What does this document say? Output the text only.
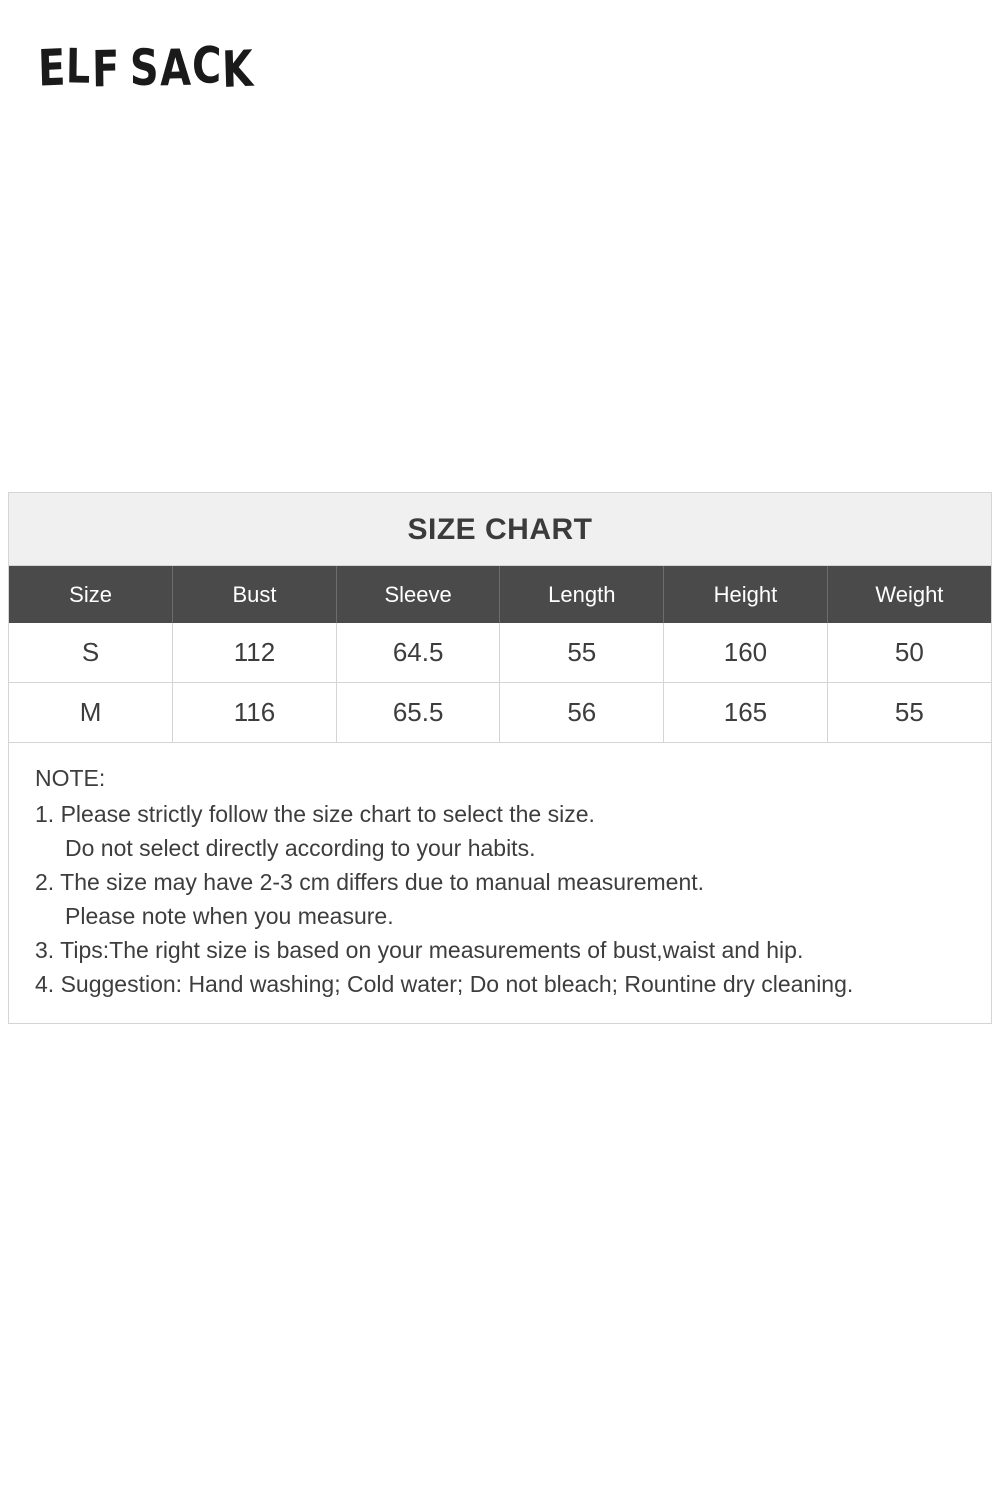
ELF SACK
SIZE CHART
Size	Bust	Sleeve	Length	Height	Weight
S	112	64.5	55	160	50
M	116	65.5	56	165	55
NOTE:
1. Please strictly follow the size chart to select the size.
Do not select directly according to your habits.
2. The size may have 2-3 cm differs due to manual measurement.
Please note when you measure.
3. Tips:The right size is based on your measurements of bust,waist and hip.
4. Suggestion: Hand washing; Cold water; Do not bleach; Rountine dry cleaning.
